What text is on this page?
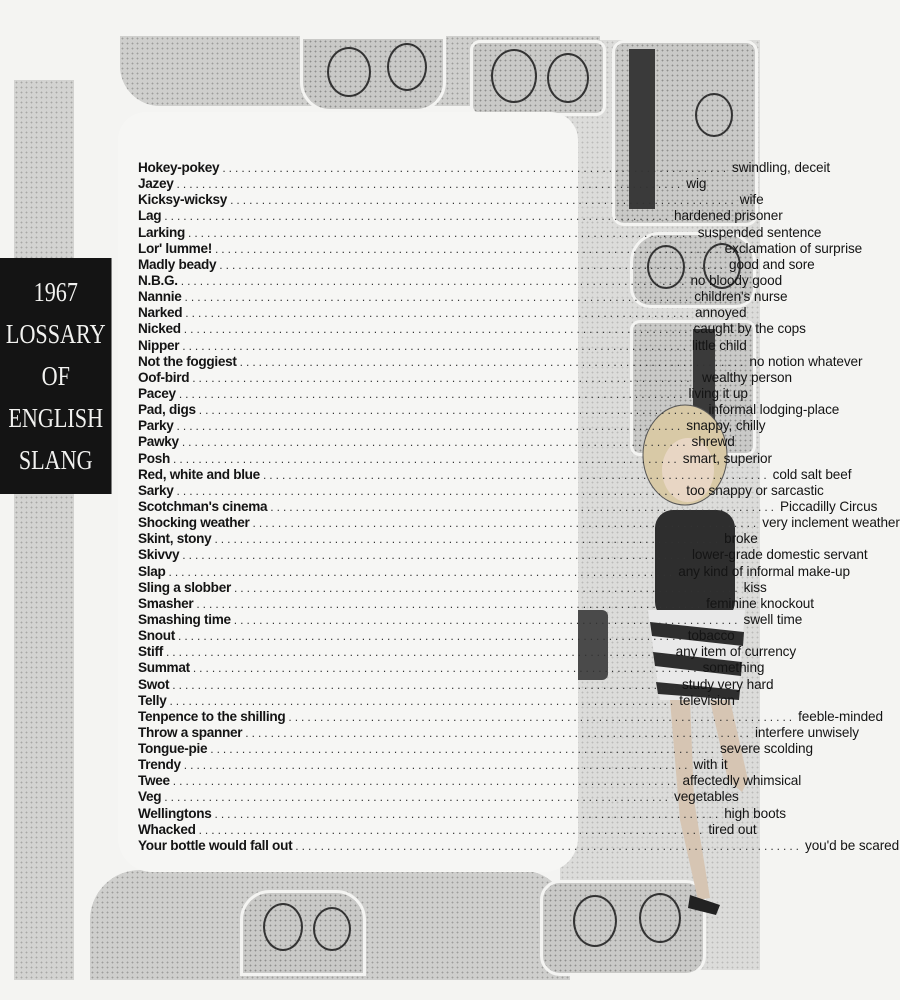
1967
LOSSARY
OF
ENGLISH
SLANG
Hokey-pokey ................................................................................ swindling, deceit
Jazey ................................................................................ wig
Kicksy-wicksy ................................................................................ wife
Lag ................................................................................ hardened prisoner
Larking ................................................................................ suspended sentence
Lor' lumme! ................................................................................ exclamation of surprise
Madly beady ................................................................................ good and sore
N.B.G. ................................................................................ no bloody good
Nannie ................................................................................ children's nurse
Narked ................................................................................ annoyed
Nicked ................................................................................ caught by the cops
Nipper ................................................................................ little child
Not the foggiest ................................................................................ no notion whatever
Oof-bird ................................................................................ wealthy person
Pacey ................................................................................ living it up
Pad, digs ................................................................................ informal lodging-place
Parky ................................................................................ snappy, chilly
Pawky ................................................................................ shrewd
Posh ................................................................................ smart, superior
Red, white and blue ................................................................................ cold salt beef
Sarky ................................................................................ too snappy or sarcastic
Scotchman's cinema ................................................................................ Piccadilly Circus
Shocking weather ................................................................................ very inclement weather
Skint, stony ................................................................................ broke
Skivvy ................................................................................ lower-grade domestic servant
Slap ................................................................................ any kind of informal make-up
Sling a slobber ................................................................................ kiss
Smasher ................................................................................ feminine knockout
Smashing time ................................................................................ swell time
Snout ................................................................................ tobacco
Stiff ................................................................................ any item of currency
Summat ................................................................................ something
Swot ................................................................................ study very hard
Telly ................................................................................ television
Tenpence to the shilling ................................................................................ feeble-minded
Throw a spanner ................................................................................ interfere unwisely
Tongue-pie ................................................................................ severe scolding
Trendy ................................................................................ with it
Twee ................................................................................ affectedly whimsical
Veg ................................................................................ vegetables
Wellingtons ................................................................................ high boots
Whacked ................................................................................ tired out
Your bottle would fall out ................................................................................ you'd be scared
